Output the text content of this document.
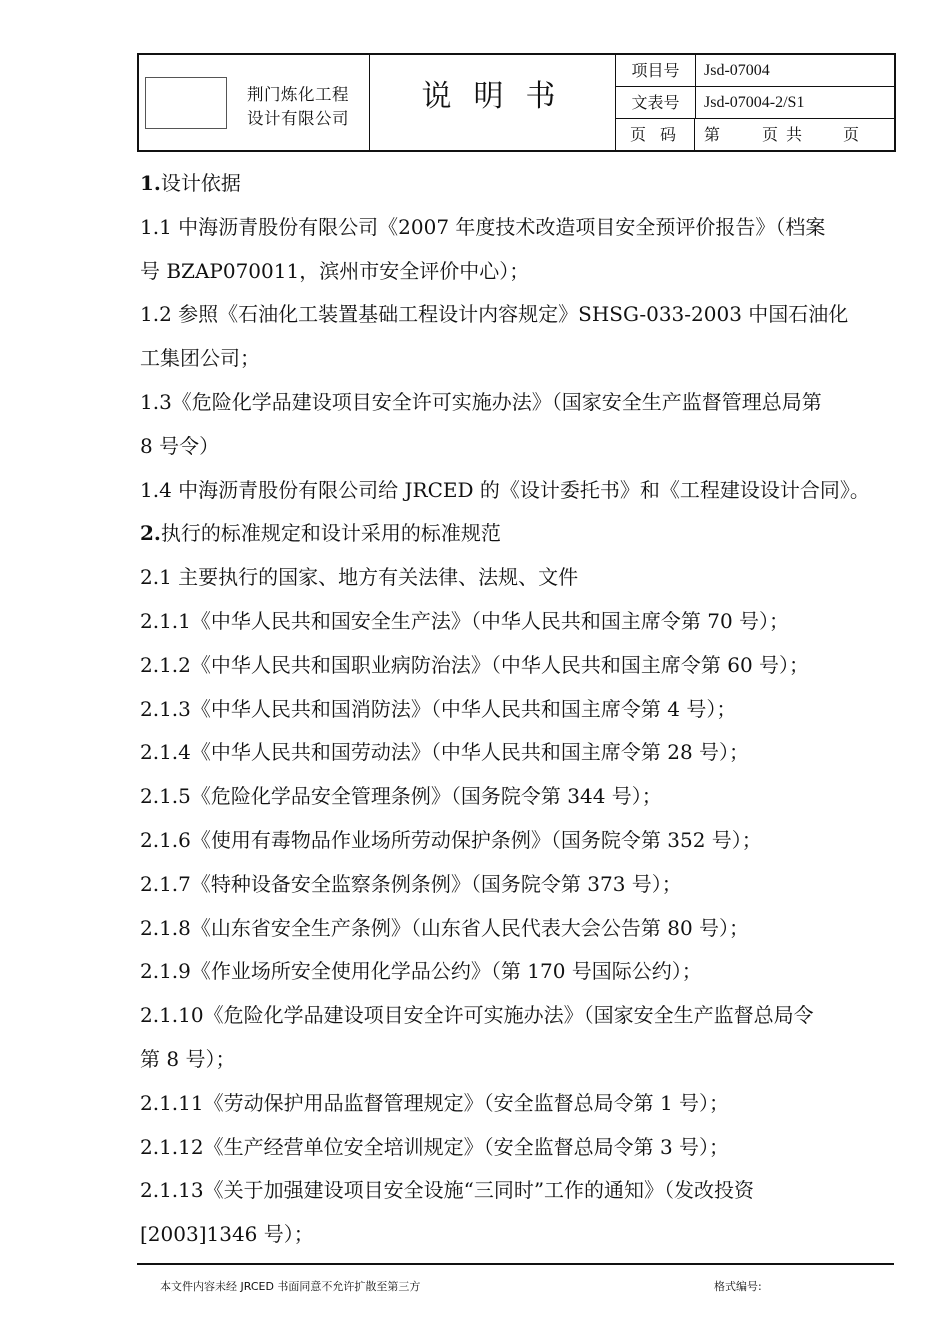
荆门炼化工程
设计有限公司
说明书
项目号	Jsd-07004
文表号	Jsd-07004-2/S1
页码 第	页 共	页
1.设计依据
1.1 中海沥青股份有限公司《2007 年度技术改造项目安全预评价报告》（档案
号 BZAP070011，滨州市安全评价中心）；
1.2 参照《石油化工装置基础工程设计内容规定》SHSG-033-2003 中国石油化
工集团公司；
1.3《危险化学品建设项目安全许可实施办法》（国家安全生产监督管理总局第
8 号令）
1.4 中海沥青股份有限公司给 JRCED 的《设计委托书》和《工程建设设计合同》。
2.执行的标准规定和设计采用的标准规范
2.1 主要执行的国家、地方有关法律、法规、文件
2.1.1《中华人民共和国安全生产法》（中华人民共和国主席令第 70 号）；
2.1.2《中华人民共和国职业病防治法》（中华人民共和国主席令第 60 号）；
2.1.3《中华人民共和国消防法》（中华人民共和国主席令第 4 号）；
2.1.4《中华人民共和国劳动法》（中华人民共和国主席令第 28 号）；
2.1.5《危险化学品安全管理条例》（国务院令第 344 号）；
2.1.6《使用有毒物品作业场所劳动保护条例》（国务院令第 352 号）；
2.1.7《特种设备安全监察条例条例》（国务院令第 373 号）；
2.1.8《山东省安全生产条例》（山东省人民代表大会公告第 80 号）；
2.1.9《作业场所安全使用化学品公约》（第 170 号国际公约）；
2.1.10《危险化学品建设项目安全许可实施办法》（国家安全生产监督总局令
第 8 号）；
2.1.11《劳动保护用品监督管理规定》（安全监督总局令第 1 号）；
2.1.12《生产经营单位安全培训规定》（安全监督总局令第 3 号）；
2.1.13《关于加强建设项目安全设施“三同时”工作的通知》（发改投资
[2003]1346 号）；
本文件内容未经 JRCED 书面同意不允许扩散至第三方	格式编号:
